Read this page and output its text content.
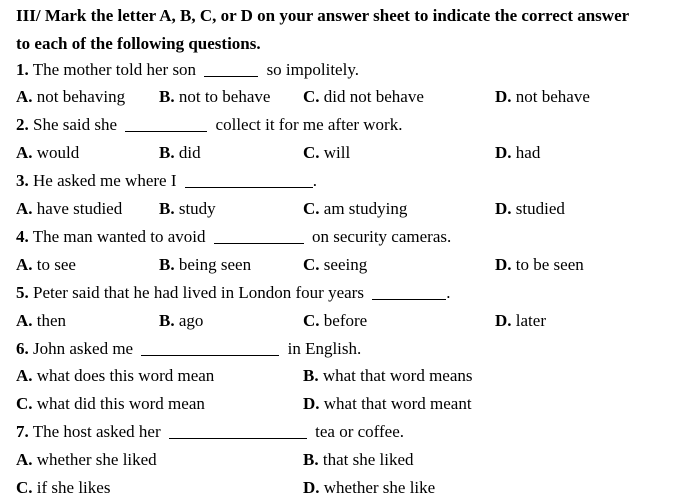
III/ Mark the letter A, B, C, or D on your answer sheet to indicate the correct answer
to each of the following questions.
1. The mother told her son	so impolitely.
A. not behaving B. not to behave C. did not behave	D. not behave
2. She said she	collect it for me after work.
A. would	B. did	C. will	D. had
3. He asked me where I	.
A. have studied B. study	C. am studying	D. studied
4. The man wanted to avoid	on security cameras.
A. to see	B. being seen	C. seeing	D. to be seen
5. Peter said that he had lived in London four years	.
A. then	B. ago	C. before	D. later
6. John asked me	in English.
A. what does this word mean	B. what that word means
C. what did this word mean	D. what that word meant
7. The host asked her	tea or coffee.
A. whether she liked	B. that she liked
C. if she likes	D. whether she like
